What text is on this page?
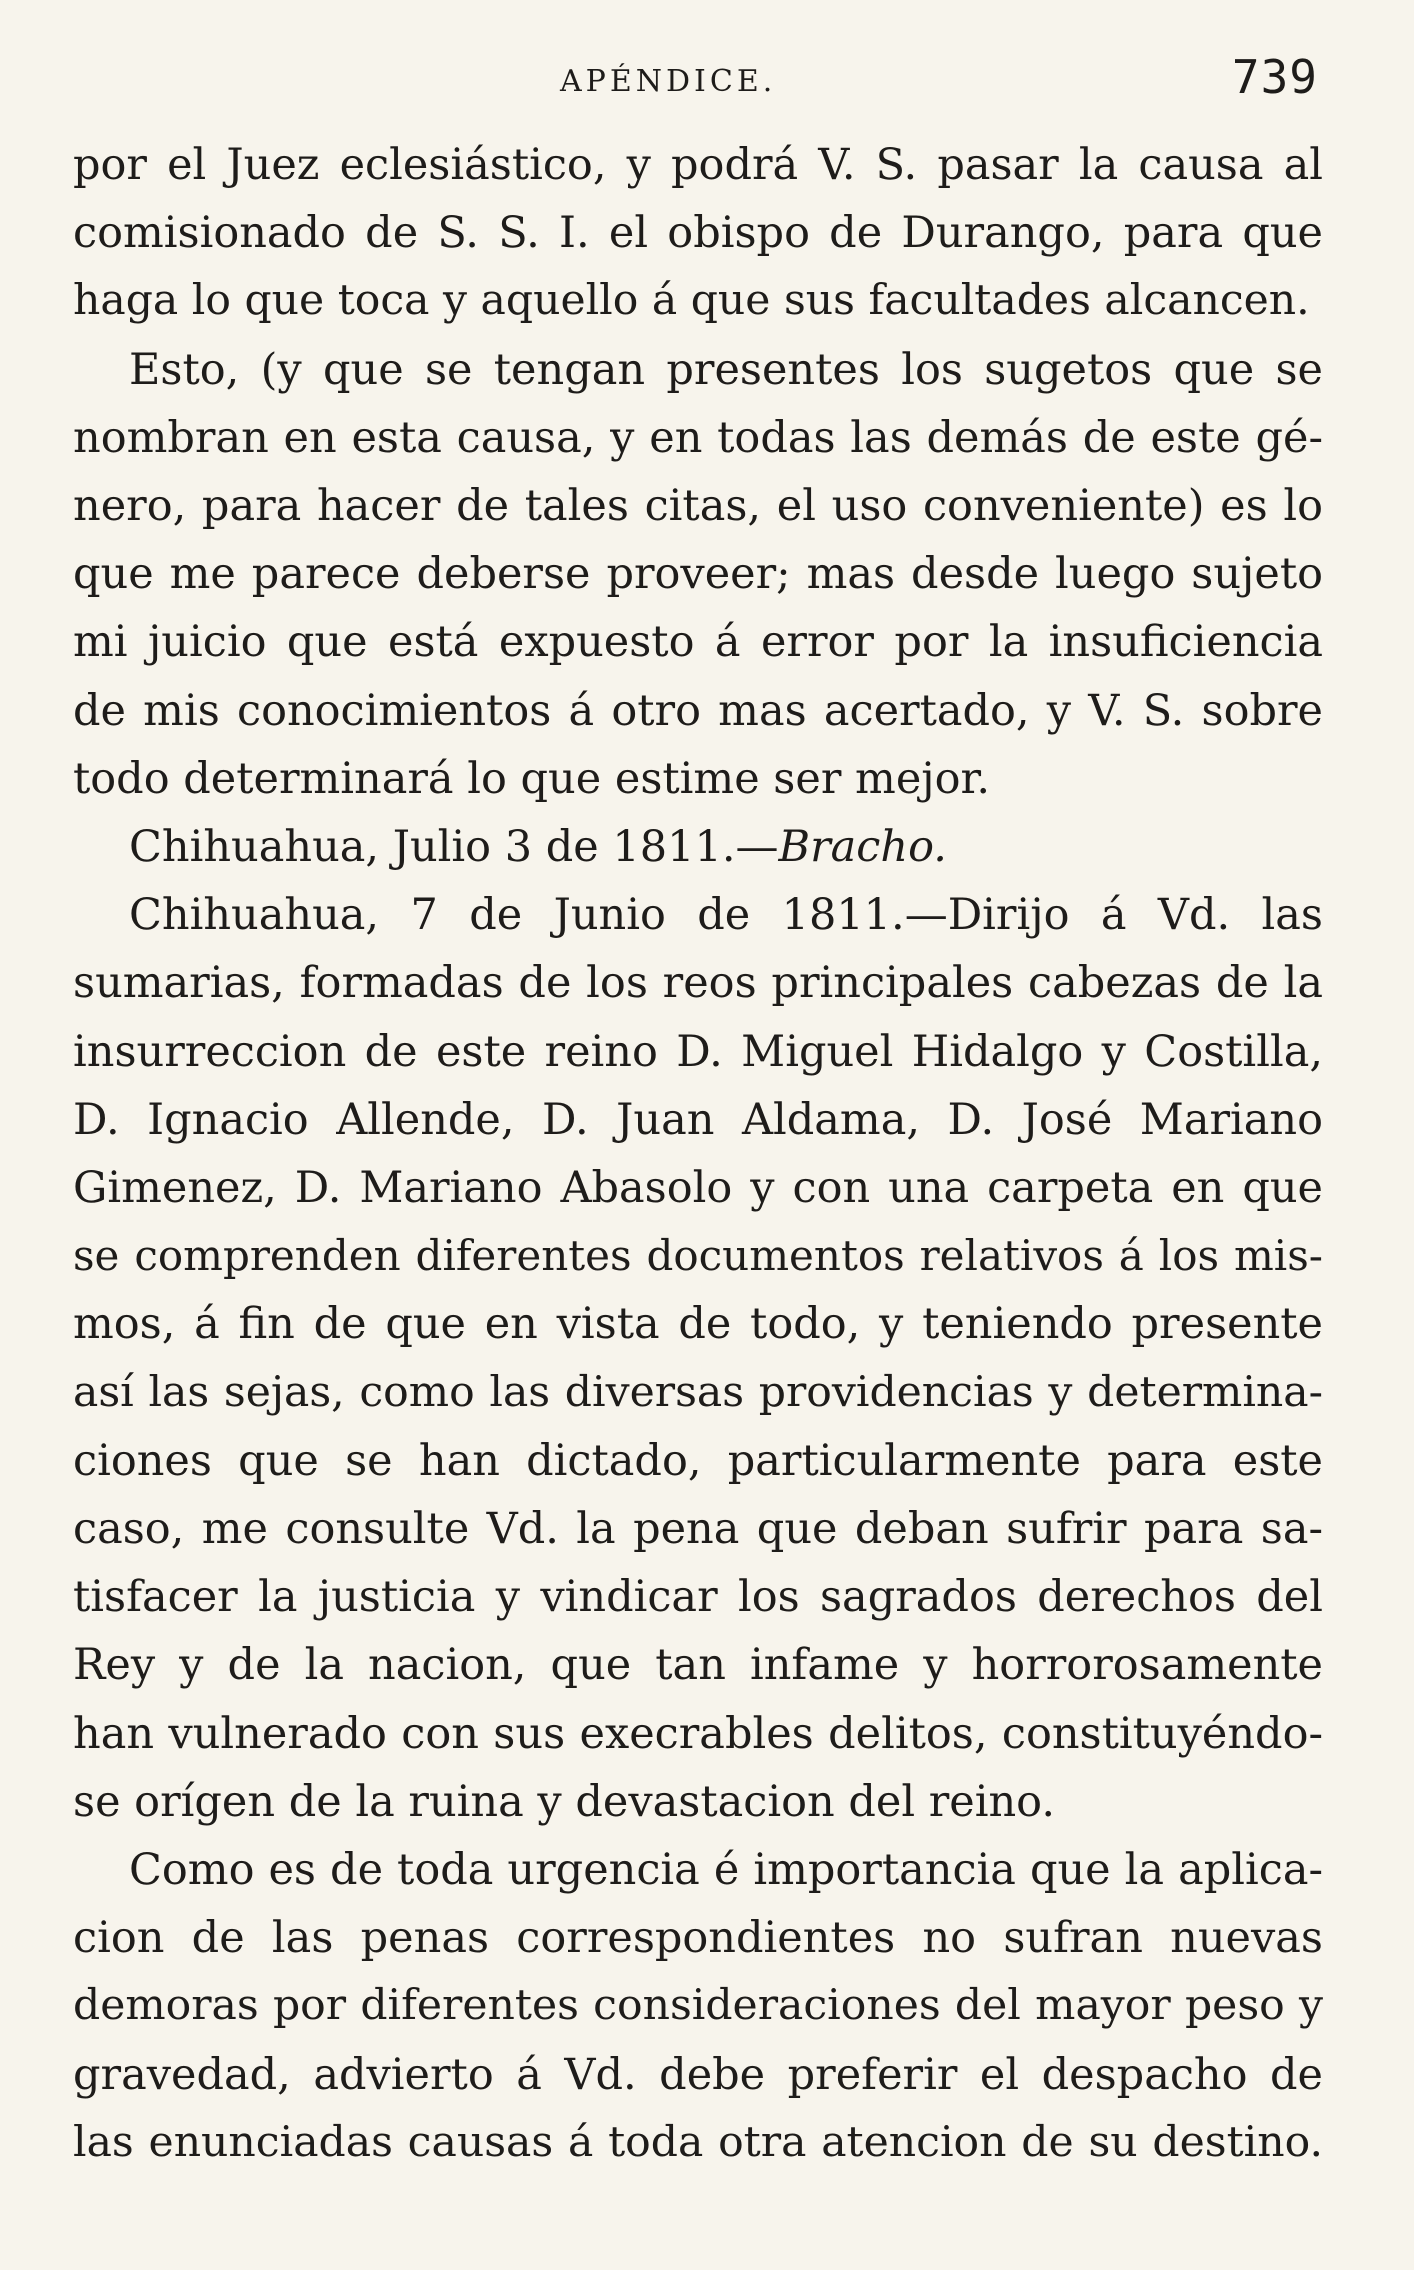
APÉNDICE.	739

por el Juez eclesiástico, y podrá V. S. pasar la causa al

comisionado de S. S. I. el obispo de Durango, para que

haga lo que toca y aquello á que sus facultades alcancen.

Esto, (y que se tengan presentes los sugetos que se

nombran en esta causa, y en todas las demás de este gé-

nero, para hacer de tales citas, el uso conveniente) es lo

que me parece deberse proveer; mas desde luego sujeto

mi juicio que está expuesto á error por la insuficiencia

de mis conocimientos á otro mas acertado, y V. S. sobre

todo determinará lo que estime ser mejor.

Chihuahua, Julio 3 de 1811.—Bracho.

Chihuahua, 7 de Junio de 1811.—Dirijo á Vd. las

sumarias, formadas de los reos principales cabezas de la

insurreccion de este reino D. Miguel Hidalgo y Costilla,

D. Ignacio Allende, D. Juan Aldama, D. José Mariano

Gimenez, D. Mariano Abasolo y con una carpeta en que

se comprenden diferentes documentos relativos á los mis-

mos, á fin de que en vista de todo, y teniendo presente

así las sejas, como las diversas providencias y determina-

ciones que se han dictado, particularmente para este

caso, me consulte Vd. la pena que deban sufrir para sa-

tisfacer la justicia y vindicar los sagrados derechos del

Rey y de la nacion, que tan infame y horrorosamente

han vulnerado con sus execrables delitos, constituyéndo-

se orígen de la ruina y devastacion del reino.

Como es de toda urgencia é importancia que la aplica-

cion de las penas correspondientes no sufran nuevas

demoras por diferentes consideraciones del mayor peso y

gravedad, advierto á Vd. debe preferir el despacho de

las enunciadas causas á toda otra atencion de su destino.
